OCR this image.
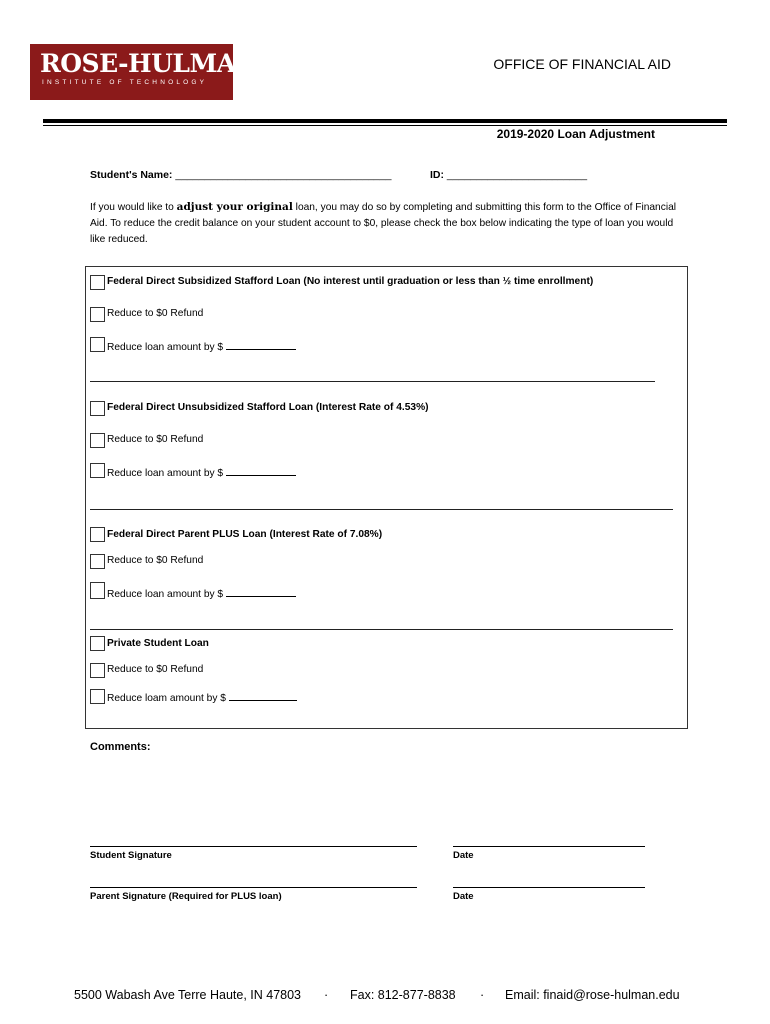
ROSE-HULMAN
INSTITUTE OF TECHNOLOGY
OFFICE OF FINANCIAL AID
2019-2020 Loan Adjustment
Student's Name: _____________________________________	ID: ________________________
If you would like to adjust your original loan, you may do so by completing and submitting this form to the Office of Financial Aid. To reduce the credit balance on your student account to $0, please check the box below indicating the type of loan you would like reduced.
Federal Direct Subsidized Stafford Loan (No interest until graduation or less than ½ time enrollment)
Reduce to $0 Refund
Reduce loan amount by $
Federal Direct Unsubsidized Stafford Loan (Interest Rate of 4.53%)
Reduce to $0 Refund
Reduce loan amount by $
Federal Direct Parent PLUS Loan (Interest Rate of 7.08%)
Reduce to $0 Refund
Reduce loan amount by $
Private Student Loan
Reduce to $0 Refund
Reduce loam amount by $
Comments:
Student Signature	Date
Parent Signature (Required for PLUS loan)	Date
5500 Wabash Ave Terre Haute, IN 47803 · Fax: 812-877-8838 · Email: finaid@rose-hulman.edu
